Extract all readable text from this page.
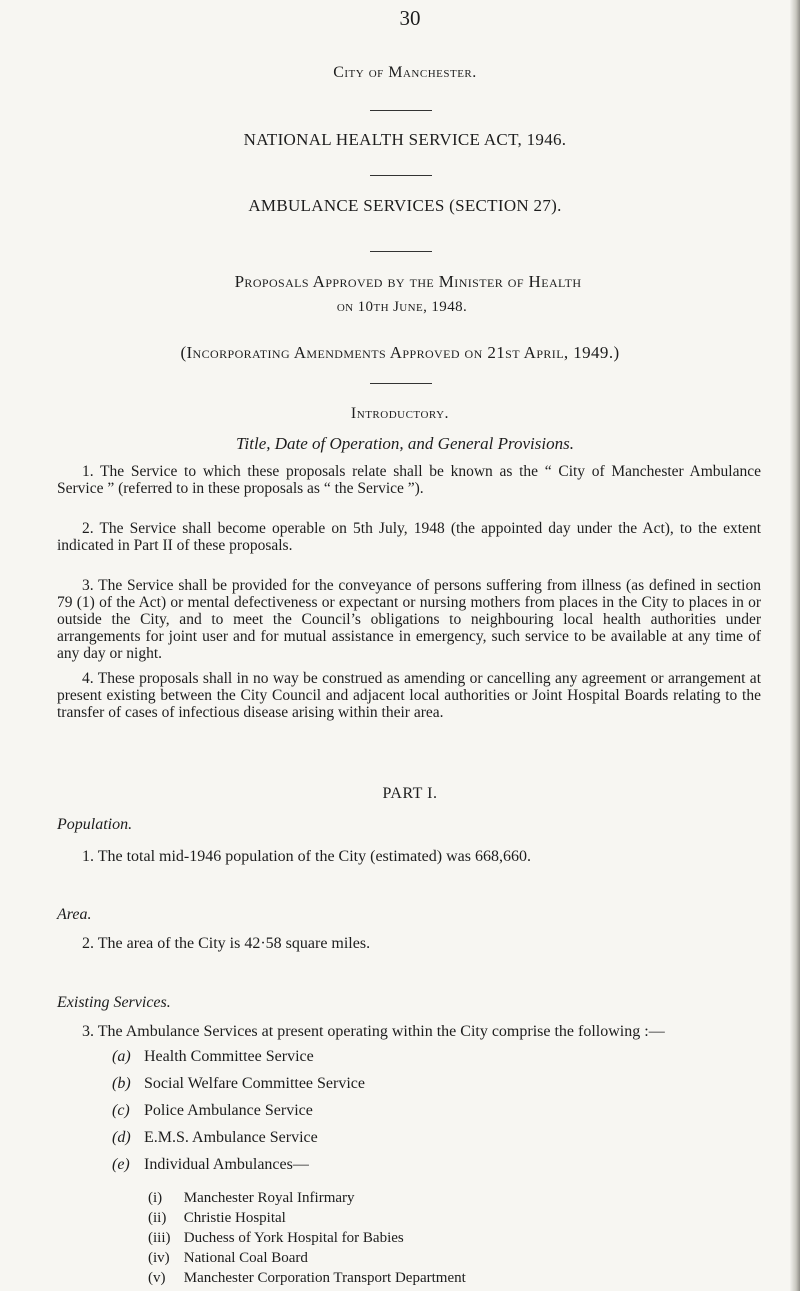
30
City of Manchester.
NATIONAL HEALTH SERVICE ACT, 1946.
AMBULANCE SERVICES (SECTION 27).
Proposals Approved by the Minister of Health
on 10th June, 1948.
(Incorporating Amendments Approved on 21st April, 1949.)
Introductory.
Title, Date of Operation, and General Provisions.
1. The Service to which these proposals relate shall be known as the “ City of Manchester Ambulance Service ” (referred to in these proposals as “ the Service ”).
2. The Service shall become operable on 5th July, 1948 (the appointed day under the Act), to the extent indicated in Part II of these proposals.
3. The Service shall be provided for the conveyance of persons suffering from illness (as defined in section 79 (1) of the Act) or mental defectiveness or expectant or nursing mothers from places in the City to places in or outside the City, and to meet the Council’s obligations to neighbouring local health authorities under arrangements for joint user and for mutual assistance in emergency, such service to be available at any time of any day or night.
4. These proposals shall in no way be construed as amending or cancelling any agreement or arrangement at present existing between the City Council and adjacent local authorities or Joint Hospital Boards relating to the transfer of cases of infectious disease arising within their area.
PART I.
Population.
1. The total mid-1946 population of the City (estimated) was 668,660.
Area.
2. The area of the City is 42·58 square miles.
Existing Services.
3. The Ambulance Services at present operating within the City comprise the following :—
(a) Health Committee Service
(b) Social Welfare Committee Service
(c) Police Ambulance Service
(d) E.M.S. Ambulance Service
(e) Individual Ambulances—
(i) Manchester Royal Infirmary
(ii) Christie Hospital
(iii) Duchess of York Hospital for Babies
(iv) National Coal Board
(v) Manchester Corporation Transport Department
